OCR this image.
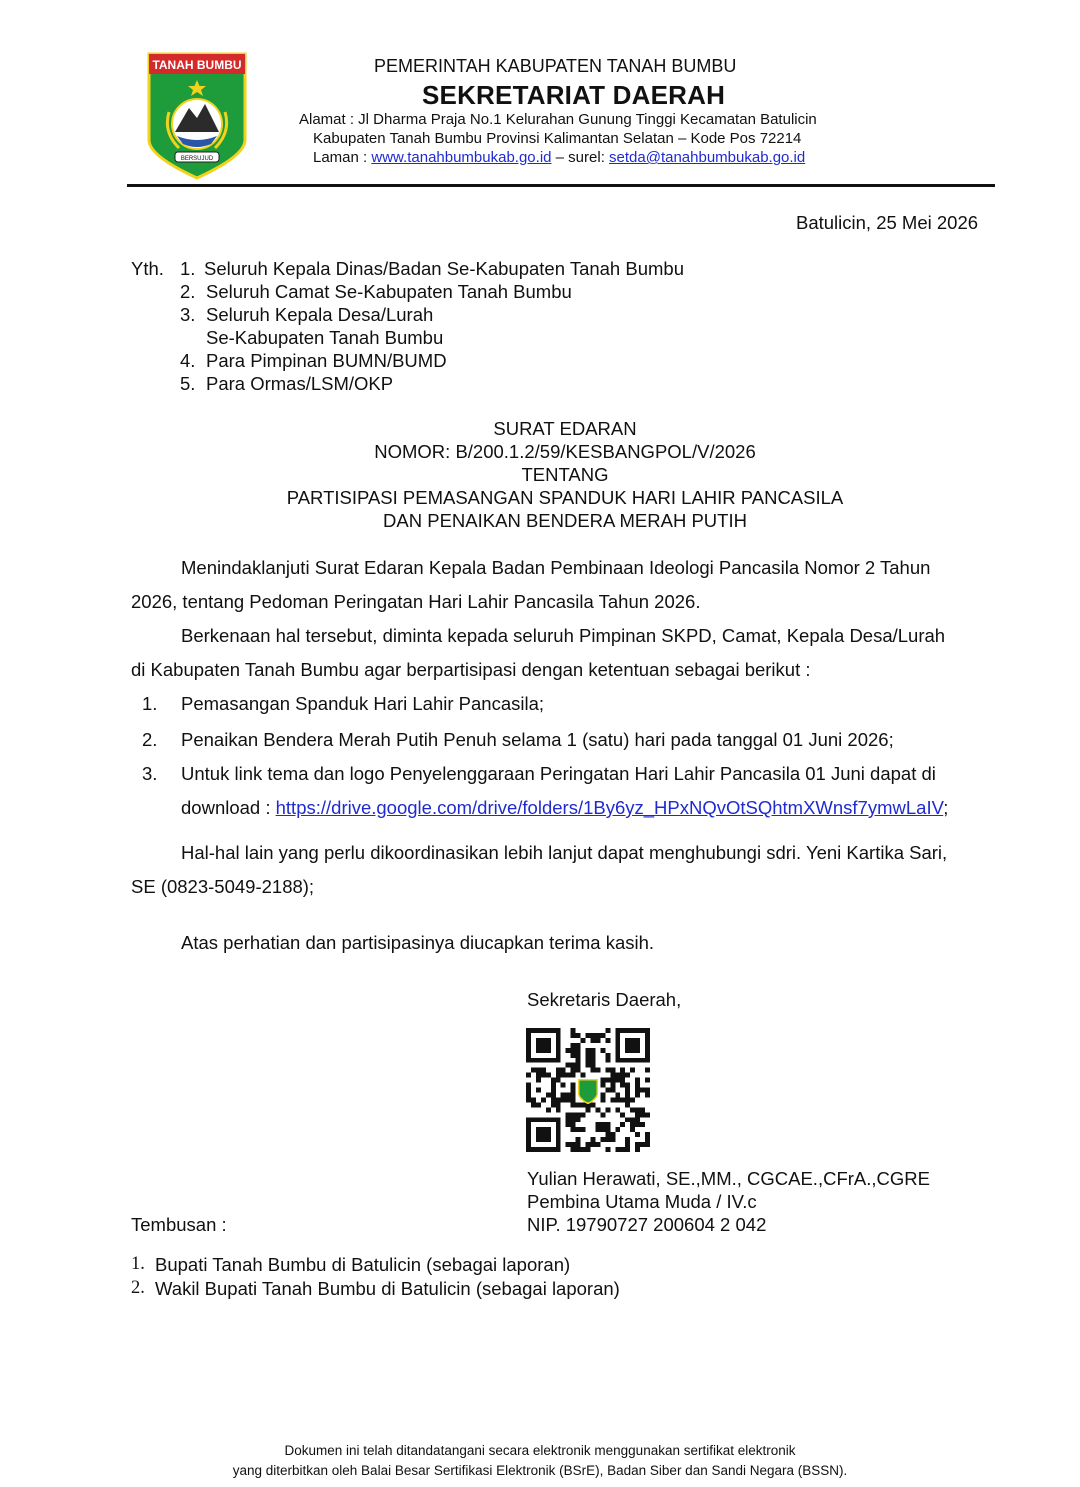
TANAH BUMBU
BERSUJUD
PEMERINTAH KABUPATEN TANAH BUMBU
SEKRETARIAT DAERAH
Alamat : Jl Dharma Praja No.1 Kelurahan Gunung Tinggi Kecamatan Batulicin
Kabupaten Tanah Bumbu Provinsi Kalimantan Selatan – Kode Pos 72214
Laman : www.tanahbumbukab.go.id – surel: setda@tanahbumbukab.go.id
Batulicin, 25 Mei 2026
Yth. 1. Seluruh Kepala Dinas/Badan Se-Kabupaten Tanah Bumbu
2. Seluruh Camat Se-Kabupaten Tanah Bumbu
3. Seluruh Kepala Desa/Lurah
Se-Kabupaten Tanah Bumbu
4. Para Pimpinan BUMN/BUMD
5. Para Ormas/LSM/OKP
SURAT EDARAN
NOMOR: B/200.1.2/59/KESBANGPOL/V/2026
TENTANG
PARTISIPASI PEMASANGAN SPANDUK HARI LAHIR PANCASILA
DAN PENAIKAN BENDERA MERAH PUTIH
Menindaklanjuti Surat Edaran Kepala Badan Pembinaan Ideologi Pancasila Nomor 2 Tahun
2026, tentang Pedoman Peringatan Hari Lahir Pancasila Tahun 2026.
Berkenaan hal tersebut, diminta kepada seluruh Pimpinan SKPD, Camat, Kepala Desa/Lurah
di Kabupaten Tanah Bumbu agar berpartisipasi dengan ketentuan sebagai berikut :
1. Pemasangan Spanduk Hari Lahir Pancasila;
2. Penaikan Bendera Merah Putih Penuh selama 1 (satu) hari pada tanggal 01 Juni 2026;
3. Untuk link tema dan logo Penyelenggaraan Peringatan Hari Lahir Pancasila 01 Juni dapat di
download : https://drive.google.com/drive/folders/1By6yz_HPxNQvOtSQhtmXWnsf7ymwLaIV;
Hal-hal lain yang perlu dikoordinasikan lebih lanjut dapat menghubungi sdri. Yeni Kartika Sari,
SE (0823-5049-2188);
Atas perhatian dan partisipasinya diucapkan terima kasih.
Sekretaris Daerah,
Yulian Herawati, SE.,MM., CGCAE.,CFrA.,CGRE
Pembina Utama Muda / IV.c
NIP. 19790727 200604 2 042
Tembusan :
1. Bupati Tanah Bumbu di Batulicin (sebagai laporan)
2. Wakil Bupati Tanah Bumbu di Batulicin (sebagai laporan)
Dokumen ini telah ditandatangani secara elektronik menggunakan sertifikat elektronik
yang diterbitkan oleh Balai Besar Sertifikasi Elektronik (BSrE), Badan Siber dan Sandi Negara (BSSN).
